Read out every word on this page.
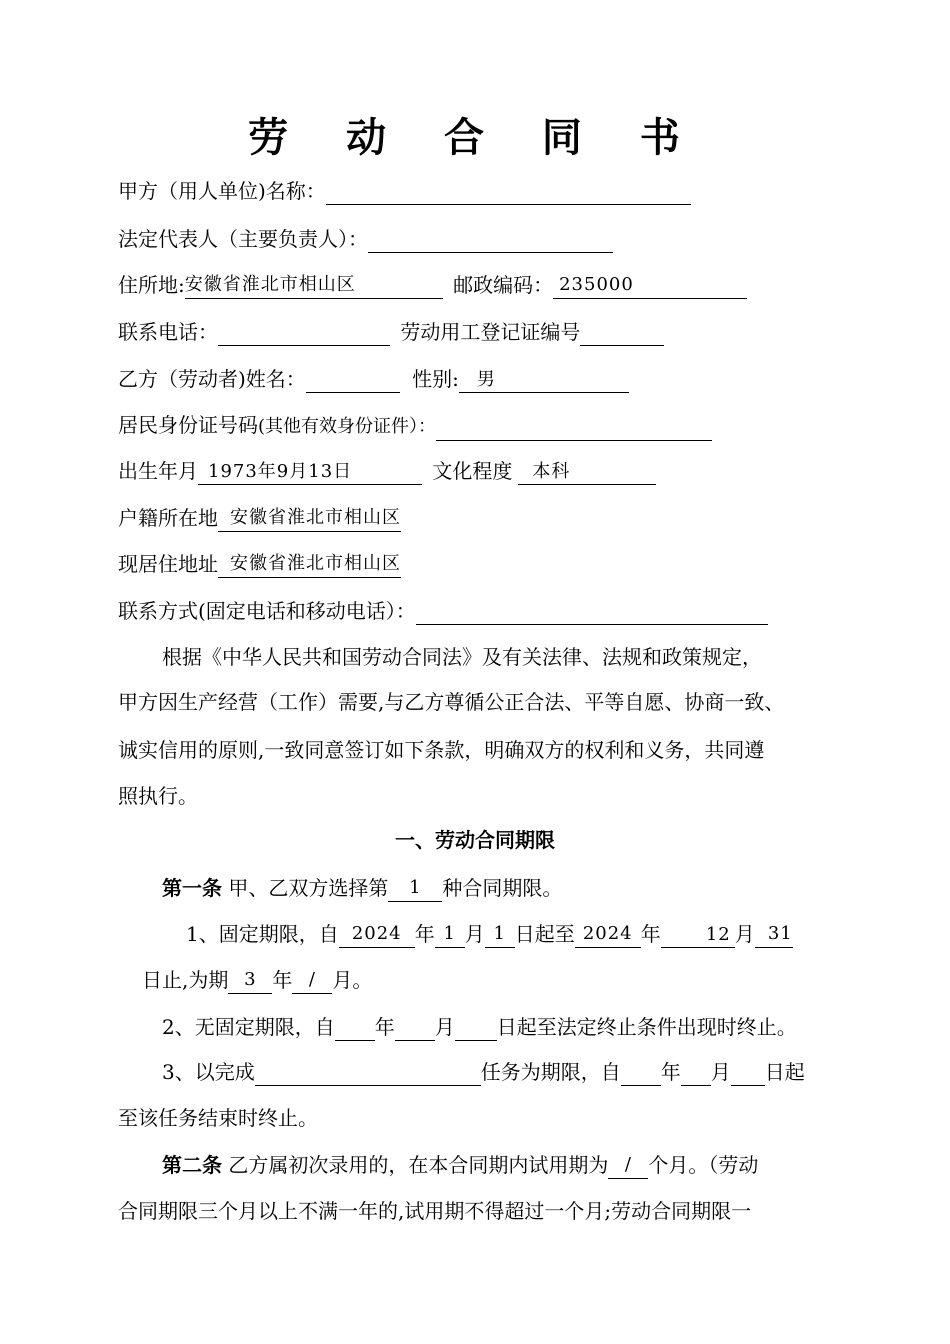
劳 动 合 同 书
甲方（用人单位)名称：
法定代表人（主要负责人）：
住所地:安徽省淮北市相山区	邮政编码： 235000
联系电话：	劳动用工登记证编号
乙方（劳动者)姓名：	性别: 男
居民身份证号码(其他有效身份证件）：
出生年月 1973年9月13日	文化程度 本科
户籍所在地 安徽省淮北市相山区
现居住地址 安徽省淮北市相山区
联系方式(固定电话和移动电话）：
根据《中华人民共和国劳动合同法》及有关法律、法规和政策规定，
甲方因生产经营（工作）需要,与乙方尊循公正合法、平等自愿、协商一致、
诚实信用的原则,一致同意签订如下条款，明确双方的权利和义务，共同遵
照执行。
一、劳动合同期限
第一条 甲、乙双方选择第 1 种合同期限。
1、固定期限，自 2024 年 1 月 1 日起至 2024 年	12 月 31
日止,为期 3 年 / 月。
2、无固定期限，自 年 月 日起至法定终止条件出现时终止。
3、以完成	任务为期限，自 年 月 日起
至该任务结束时终止。
第二条 乙方属初次录用的，在本合同期内试用期为 / 个月。（劳动
合同期限三个月以上不满一年的,试用期不得超过一个月;劳动合同期限一
